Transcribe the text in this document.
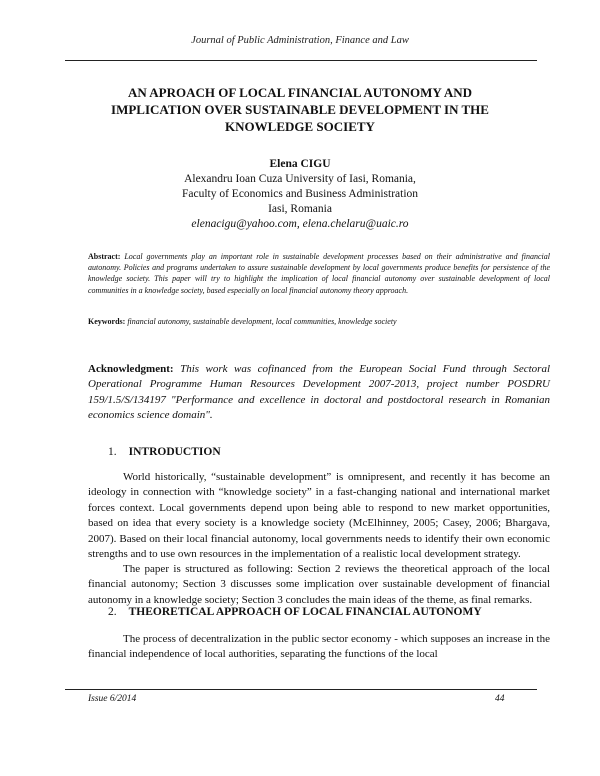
Journal of Public Administration, Finance and Law
AN APROACH OF LOCAL FINANCIAL AUTONOMY AND
IMPLICATION OVER SUSTAINABLE DEVELOPMENT IN THE
KNOWLEDGE SOCIETY
Elena CIGU
Alexandru Ioan Cuza University of Iasi, Romania,
Faculty of Economics and Business Administration
Iasi, Romania
elenacigu@yahoo.com, elena.chelaru@uaic.ro
Abstract: Local governments play an important role in sustainable development processes based on their administrative and financial autonomy. Policies and programs undertaken to assure sustainable development by local governments produce benefits for persistence of the knowledge society. This paper will try to highlight the implication of local financial autonomy over sustainable development of local communities in a knowledge society, based especially on local financial autonomy theory approach.
Keywords: financial autonomy, sustainable development, local communities, knowledge society
Acknowledgment: This work was cofinanced from the European Social Fund through Sectoral Operational Programme Human Resources Development 2007-2013, project number POSDRU 159/1.5/S/134197 "Performance and excellence in doctoral and postdoctoral research in Romanian economics science domain".
1. INTRODUCTION
World historically, “sustainable development” is omnipresent, and recently it has become an ideology in connection with “knowledge society” in a fast-changing national and international market forces context. Local governments depend upon being able to respond to new market opportunities, based on idea that every society is a knowledge society (McElhinney, 2005; Casey, 2006; Bhargava, 2007). Based on their local financial autonomy, local governments needs to identify their own economic strengths and to use own resources in the implementation of a realistic local development strategy.
The paper is structured as following: Section 2 reviews the theoretical approach of the local financial autonomy; Section 3 discusses some implication over sustainable development of financial autonomy in a knowledge society; Section 3 concludes the main ideas of the theme, as final remarks.
2. THEORETICAL APPROACH OF LOCAL FINANCIAL AUTONOMY
The process of decentralization in the public sector economy - which supposes an increase in the financial independence of local authorities, separating the functions of the local
Issue 6/2014	44
